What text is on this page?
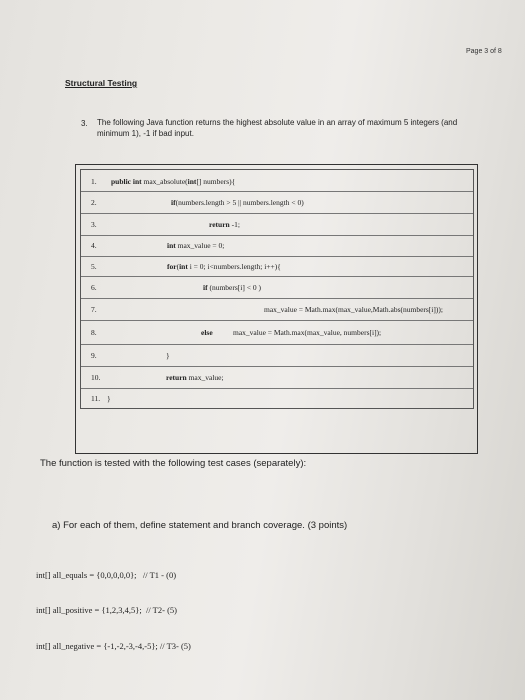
Page 3 of 8
Structural Testing
3. The following Java function returns the highest absolute value in an array of maximum 5 integers (and minimum 1), -1 if bad input.
1. public int max_absolute(int[] numbers){
2.	if(numbers.length > 5 || numbers.length < 0)
3.	return -1;
4.	int max_value = 0;
5.	for(int i = 0; i<numbers.length; i++){
6.	if (numbers[i] < 0 )
7.	max_value = Math.max(max_value,Math.abs(numbers[i]));
8.	else	max_value = Math.max(max_value, numbers[i]);
9.	}
10.	return max_value;
11. }
The function is tested with the following test cases (separately):
a) For each of them, define statement and branch coverage. (3 points)
int[] all_equals = {0,0,0,0,0};   // T1 - (0)
int[] all_positive = {1,2,3,4,5};  // T2- (5)
int[] all_negative = {-1,-2,-3,-4,-5}; // T3- (5)
